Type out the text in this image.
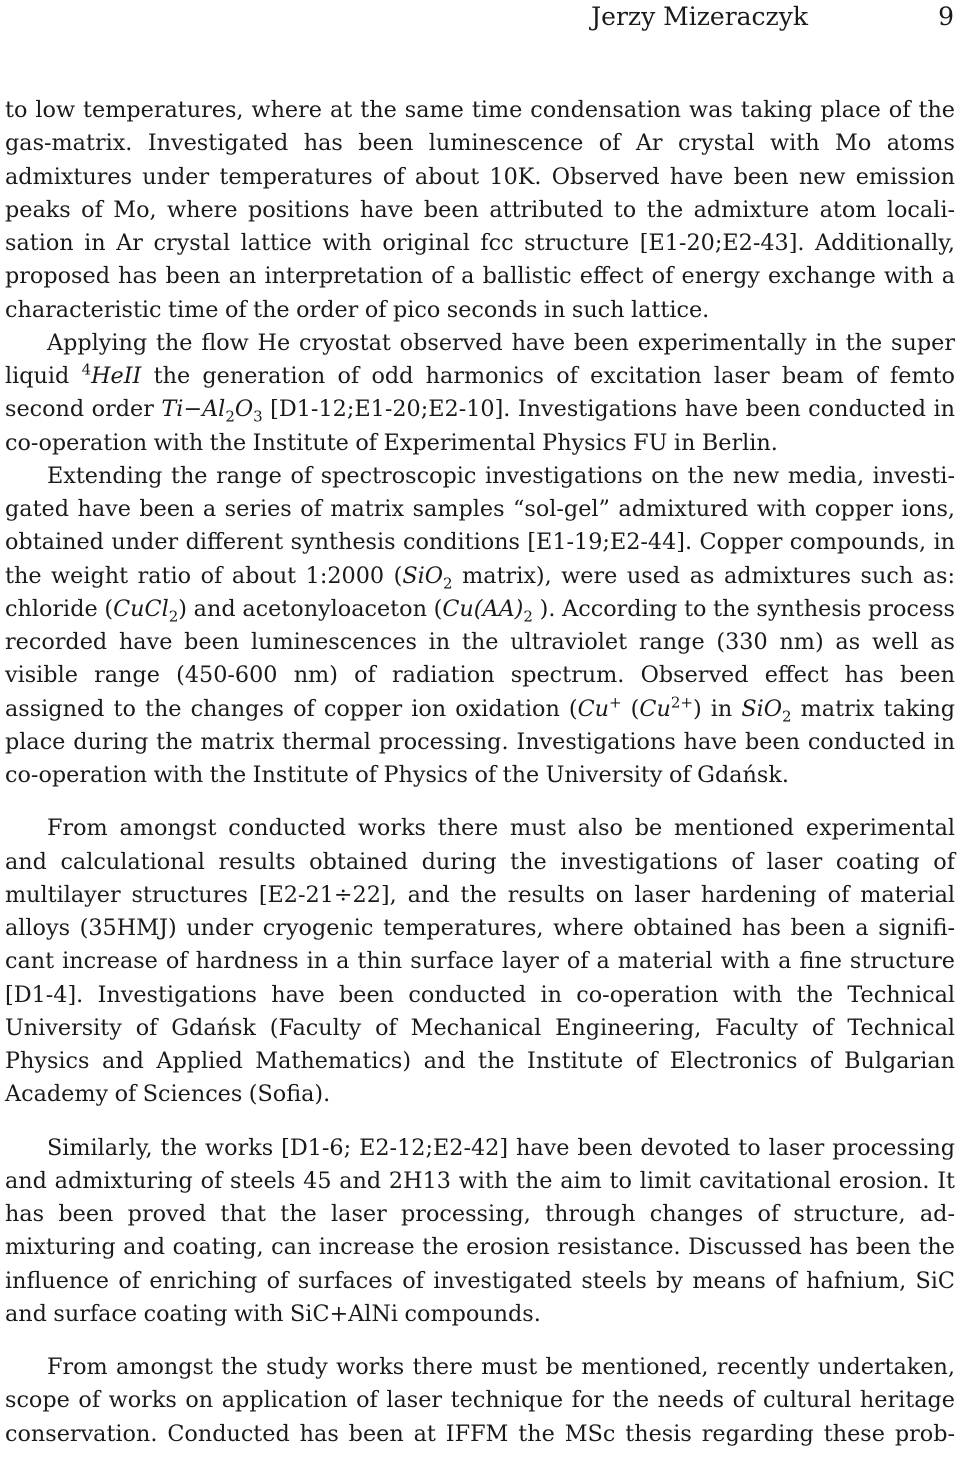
Jerzy Mizeraczyk	9

to low temperatures, where at the same time condensation was taking place of the gas-matrix. Investigated has been luminescence of Ar crystal with Mo atoms admixtures under temperatures of about 10K. Observed have been new emission peaks of Mo, where positions have been attributed to the admixture atom localisation in Ar crystal lattice with original fcc structure [E1-20;E2-43]. Additionally, proposed has been an interpretation of a ballistic effect of energy exchange with a characteristic time of the order of pico seconds in such lattice.

Applying the flow He cryostat observed have been experimentally in the super liquid $^4$HeII the generation of odd harmonics of excitation laser beam of femto second order $Ti-Al_2O_3$ [D1-12;E1-20;E2-10]. Investigations have been conducted in co-operation with the Institute of Experimental Physics FU in Berlin.

Extending the range of spectroscopic investigations on the new media, investigated have been a series of matrix samples “sol-gel” admixtured with copper ions, obtained under different synthesis conditions [E1-19;E2-44]. Copper compounds, in the weight ratio of about 1:2000 (SiO$_2$ matrix), were used as admixtures such as: chloride (CuCl$_2$) and acetonyloaceton ($Cu(AA)_2$ ). According to the synthesis process recorded have been luminescences in the ultraviolet range (330 nm) as well as visible range (450-600 nm) of radiation spectrum. Observed effect has been assigned to the changes of copper ion oxidation (Cu+ $(Cu^{2+})$ in SiO$_2$ matrix taking place during the matrix thermal processing. Investigations have been conducted in co-operation with the Institute of Physics of the University of Gdańsk.

From amongst conducted works there must also be mentioned experimental and calculational results obtained during the investigations of laser coating of multilayer structures [E2-21÷22], and the results on laser hardening of material alloys (35HMJ) under cryogenic temperatures, where obtained has been a significant increase of hardness in a thin surface layer of a material with a fine structure [D1-4]. Investigations have been conducted in co-operation with the Technical University of Gdańsk (Faculty of Mechanical Engineering, Faculty of Technical Physics and Applied Mathematics) and the Institute of Electronics of Bulgarian Academy of Sciences (Sofia).

Similarly, the works [D1-6; E2-12;E2-42] have been devoted to laser processing and admixturing of steels 45 and 2H13 with the aim to limit cavitational erosion. It has been proved that the laser processing, through changes of structure, admixturing and coating, can increase the erosion resistance. Discussed has been the influence of enriching of surfaces of investigated steels by means of hafnium, SiC and surface coating with SiC+AlNi compounds.

From amongst the study works there must be mentioned, recently undertaken, scope of works on application of laser technique for the needs of cultural heritage conservation. Conducted has been at IFFM the MSc thesis regarding these prob-
